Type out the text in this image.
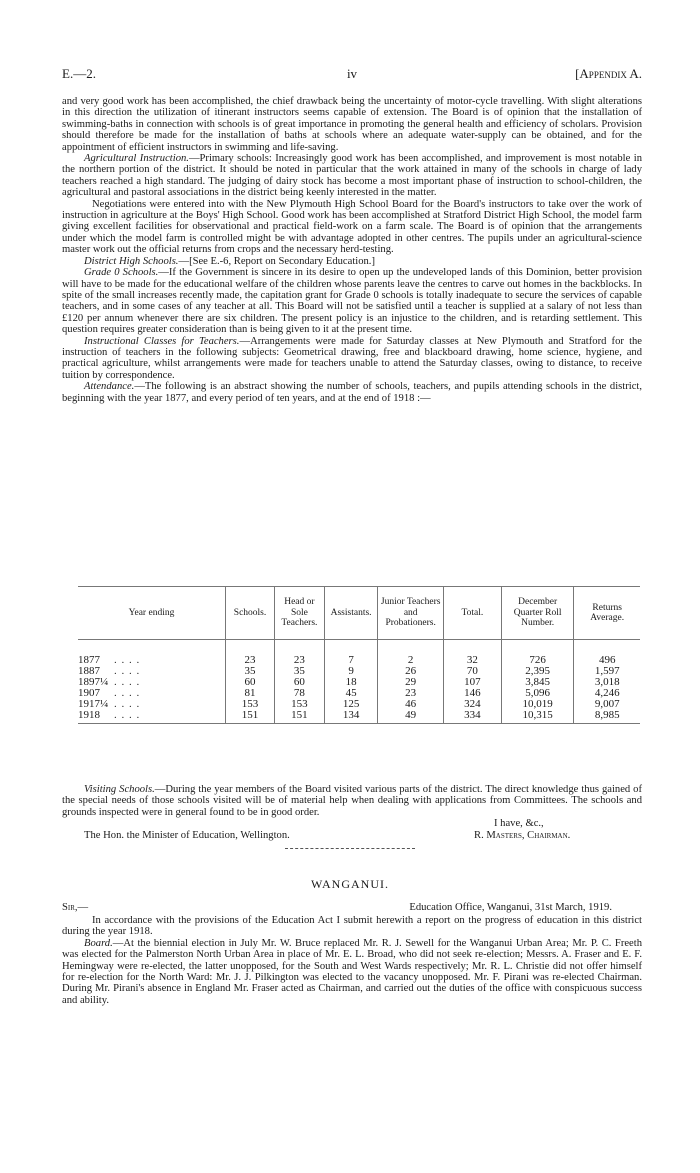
E.—2.	iv	[Appendix A.

and very good work has been accomplished, the chief drawback being the uncertainty of motor-cycle travelling. With slight alterations in this direction the utilization of itinerant instructors seems capable of extension. The Board is of opinion that the installation of swimming-baths in connection with schools is of great importance in promoting the general health and efficiency of scholars. Provision should therefore be made for the installation of baths at schools where an adequate water-supply can be obtained, and for the appointment of efficient instructors in swimming and life-saving.

Agricultural Instruction.—Primary schools: Increasingly good work has been accomplished, and improvement is most notable in the northern portion of the district. It should be noted in particular that the work attained in many of the schools in charge of lady teachers reached a high standard. The judging of dairy stock has become a most important phase of instruction to school-children, the agricultural and pastoral associations in the district being keenly interested in the matter.

Negotiations were entered into with the New Plymouth High School Board for the Board's instructors to take over the work of instruction in agriculture at the Boys' High School. Good work has been accomplished at Stratford District High School, the model farm giving excellent facilities for observational and practical field-work on a farm scale. The Board is of opinion that the arrangements under which the model farm is controlled might be with advantage adopted in other centres. The pupils under an agricultural-science master work out the official returns from crops and the necessary herd-testing.

District High Schools.—[See E.-6, Report on Secondary Education.]

Grade 0 Schools.—If the Government is sincere in its desire to open up the undeveloped lands of this Dominion, better provision will have to be made for the educational welfare of the children whose parents leave the centres to carve out homes in the backblocks. In spite of the small increases recently made, the capitation grant for Grade 0 schools is totally inadequate to secure the services of capable teachers, and in some cases of any teacher at all. This Board will not be satisfied until a teacher is supplied at a salary of not less than £120 per annum whenever there are six children. The present policy is an injustice to the children, and is retarding settlement. This question requires greater consideration than is being given to it at the present time.

Instructional Classes for Teachers.—Arrangements were made for Saturday classes at New Plymouth and Stratford for the instruction of teachers in the following subjects: Geometrical drawing, free and blackboard drawing, home science, hygiene, and practical agriculture, whilst arrangements were made for teachers unable to attend the Saturday classes, owing to distance, to receive tuition by correspondence.

Attendance.—The following is an abstract showing the number of schools, teachers, and pupils attending schools in the district, beginning with the year 1877, and every period of ten years, and at the end of 1918 :—

Year ending	Schools.	Head or Sole Teachers.	Assistants.	Junior Teachers and Probationers.	Total.	December Quarter Roll Number.	Returns Average.

1877 . . . .	23	23	7	2	32	726	496
1887 . . . .	35	35	9	26	70	2,395	1,597
1897¼ . . . .	60	60	18	29	107	3,845	3,018
1907 . . . .	81	78	45	23	146	5,096	4,246
1917¼ . . . .	153	153	125	46	324	10,019	9,007
1918 . . . .	151	151	134	49	334	10,315	8,985

Visiting Schools.—During the year members of the Board visited various parts of the district. The direct knowledge thus gained of the special needs of those schools visited will be of material help when dealing with applications from Committees. The schools and grounds inspected were in general found to be in good order.

I have, &c.,

The Hon. the Minister of Education, Wellington.	R. Masters, Chairman.

WANGANUI.

Sir,—	Education Office, Wanganui, 31st March, 1919.

In accordance with the provisions of the Education Act I submit herewith a report on the progress of education in this district during the year 1918.

Board.—At the biennial election in July Mr. W. Bruce replaced Mr. R. J. Sewell for the Wanganui Urban Area; Mr. P. C. Freeth was elected for the Palmerston North Urban Area in place of Mr. E. L. Broad, who did not seek re-election; Messrs. A. Fraser and E. F. Hemingway were re-elected, the latter unopposed, for the South and West Wards respectively; Mr. R. L. Christie did not offer himself for re-election for the North Ward: Mr. J. J. Pilkington was elected to the vacancy unopposed. Mr. F. Pirani was re-elected Chairman. During Mr. Pirani's absence in England Mr. Fraser acted as Chairman, and carried out the duties of the office with conspicuous success and ability.
